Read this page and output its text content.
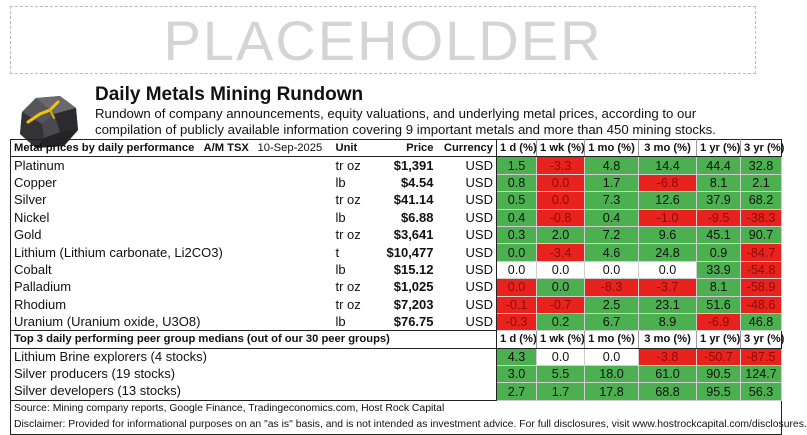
PLACEHOLDER
Daily Metals Mining Rundown
Rundown of company announcements, equity valuations, and underlying metal prices, according to our compilation of publicly available information covering 9 important metals and more than 450 mining stocks.
Metal prices by daily performance	A/M TSX	10-Sep-2025	Unit	Price	Currency	1 d (%)	1 wk (%)	1 mo (%)	3 mo (%)	1 yr (%)	3 yr (%)
Platinum			tr oz	$1,391	USD	1.5	-3.3	4.8	14.4	44.4	32.8
Copper			lb	$4.54	USD	0.8	0.0	1.7	-6.8	8.1	2.1
Silver			tr oz	$41.14	USD	0.5	0.0	7.3	12.6	37.9	68.2
Nickel			lb	$6.88	USD	0.4	-0.8	0.4	-1.0	-9.5	-38.3
Gold			tr oz	$3,641	USD	0.3	2.0	7.2	9.6	45.1	90.7
Lithium (Lithium carbonate, Li2CO3)			t	$10,477	USD	0.0	-3.4	4.6	24.8	0.9	-84.7
Cobalt			lb	$15.12	USD	0.0	0.0	0.0	0.0	33.9	-54.8
Palladium			tr oz	$1,025	USD	0.0	0.0	-8.3	-3.7	8.1	-58.9
Rhodium			tr oz	$7,203	USD	-0.1	-0.7	2.5	23.1	51.6	-48.6
Uranium (Uranium oxide, U3O8)			lb	$76.75	USD	-0.3	0.2	6.7	8.9	-6.9	46.8
Top 3 daily performing peer group medians (out of our 30 peer groups)						1 d (%)	1 wk (%)	1 mo (%)	3 mo (%)	1 yr (%)	3 yr (%)
Lithium Brine explorers (4 stocks)						4.3	0.0	0.0	-3.8	-50.7	-87.5
Silver producers (19 stocks)						3.0	5.5	18.0	61.0	90.5	124.7
Silver developers (13 stocks)						2.7	1.7	17.8	68.8	95.5	56.3
Source: Mining company reports, Google Finance, Tradingeconomics.com, Host Rock Capital											
Disclaimer: Provided for informational purposes on an "as is" basis, and is not intended as investment advice. For full disclosures, visit www.hostrockcapital.com/disclosures.											
